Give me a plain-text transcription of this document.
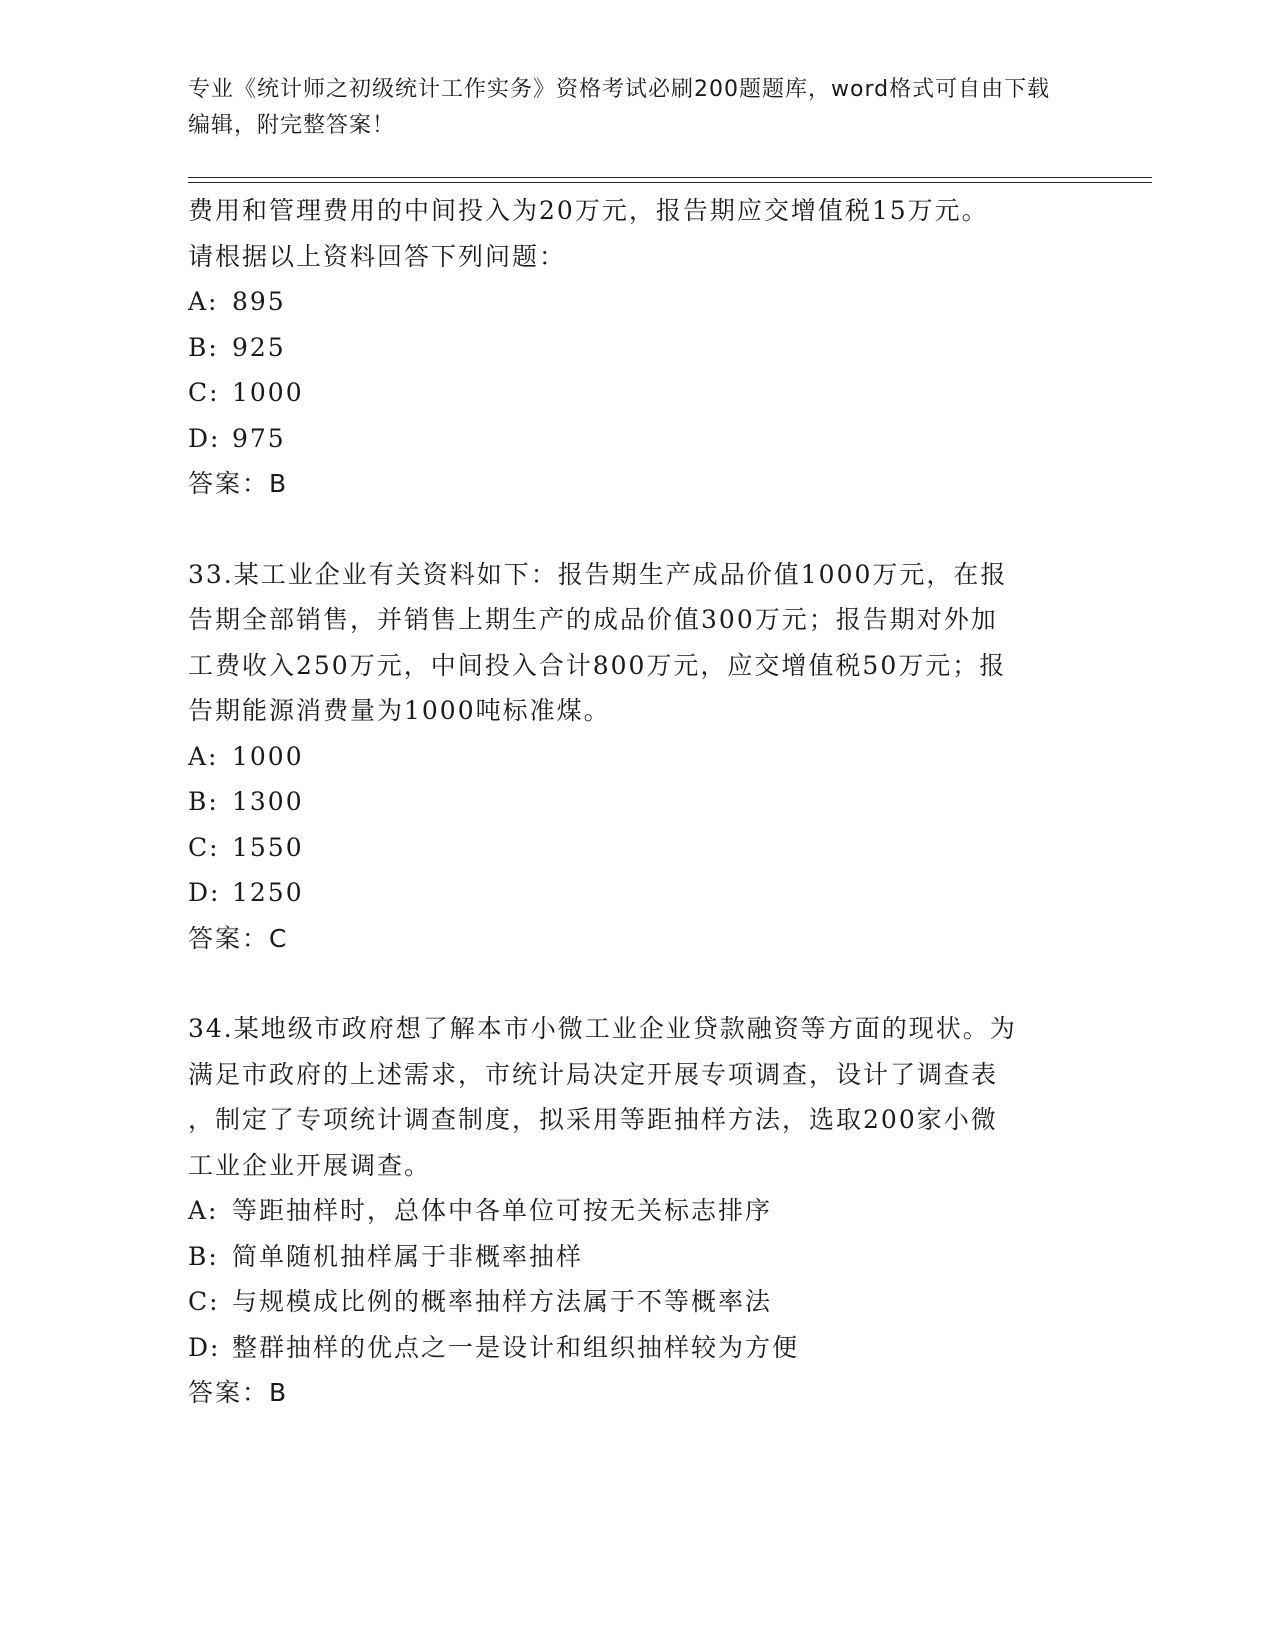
专业《统计师之初级统计工作实务》资格考试必刷200题题库，word格式可自由下载编辑，附完整答案！

费用和管理费用的中间投入为20万元，报告期应交增值税15万元。

请根据以上资料回答下列问题：

A: 895

B: 925

C: 1000

D: 975

答案：B

33.某工业企业有关资料如下：报告期生产成品价值1000万元，在报

告期全部销售，并销售上期生产的成品价值300万元；报告期对外加

工费收入250万元，中间投入合计800万元，应交增值税50万元；报

告期能源消费量为1000吨标准煤。

A: 1000

B: 1300

C: 1550

D: 1250

答案：C

34.某地级市政府想了解本市小微工业企业贷款融资等方面的现状。为

满足市政府的上述需求，市统计局决定开展专项调查，设计了调查表

，制定了专项统计调查制度，拟采用等距抽样方法，选取200家小微

工业企业开展调查。

A: 等距抽样时，总体中各单位可按无关标志排序

B: 简单随机抽样属于非概率抽样

C: 与规模成比例的概率抽样方法属于不等概率法

D: 整群抽样的优点之一是设计和组织抽样较为方便

答案：B
